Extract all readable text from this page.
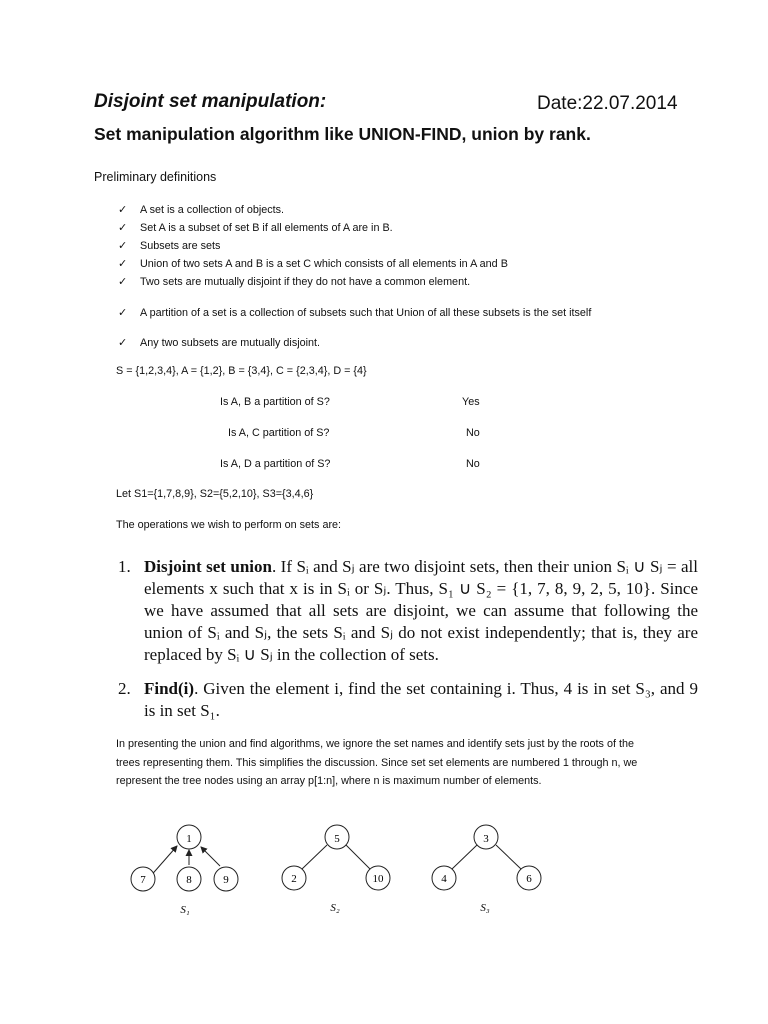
Disjoint set manipulation:	Date:22.07.2014
Set manipulation algorithm like UNION-FIND, union by rank.
Preliminary definitions
✓ A set is a collection of objects.
✓ Set A is a subset of set B if all elements of A are in B.
✓ Subsets are sets
✓ Union of two sets A and B is a set C which consists of all elements in A and B
✓ Two sets are mutually disjoint if they do not have a common element.
✓ A partition of a set is a collection of subsets such that Union of all these subsets is the set itself
✓ Any two subsets are mutually disjoint.
S = {1,2,3,4}, A = {1,2}, B = {3,4}, C = {2,3,4}, D = {4}
Is A, B a partition of S?	Yes
Is A, C partition of S?	No
Is A, D a partition of S?	No
Let S1={1,7,8,9}, S2={5,2,10}, S3={3,4,6}
The operations we wish to perform on sets are:
1. Disjoint set union. If Sᵢ and Sⱼ are two disjoint sets, then their union Sᵢ ∪ Sⱼ = all elements x such that x is in Sᵢ or Sⱼ. Thus, S₁ ∪ S₂ = {1, 7, 8, 9, 2, 5, 10}. Since we have assumed that all sets are disjoint, we can assume that following the union of Sᵢ and Sⱼ, the sets Sᵢ and Sⱼ do not exist independently; that is, they are replaced by Sᵢ ∪ Sⱼ in the collection of sets.
2. Find(i). Given the element i, find the set containing i. Thus, 4 is in set S₃, and 9 is in set S₁.
In presenting the union and find algorithms, we ignore the set names and identify sets just by the roots of the trees representing them. This simplifies the discussion. Since set set elements are numbered 1 through n, we represent the tree nodes using an array p[1:n], where n is maximum number of elements.
1
7	8	9
S₁
5
2	10
S₂
3
4	6
S₃
